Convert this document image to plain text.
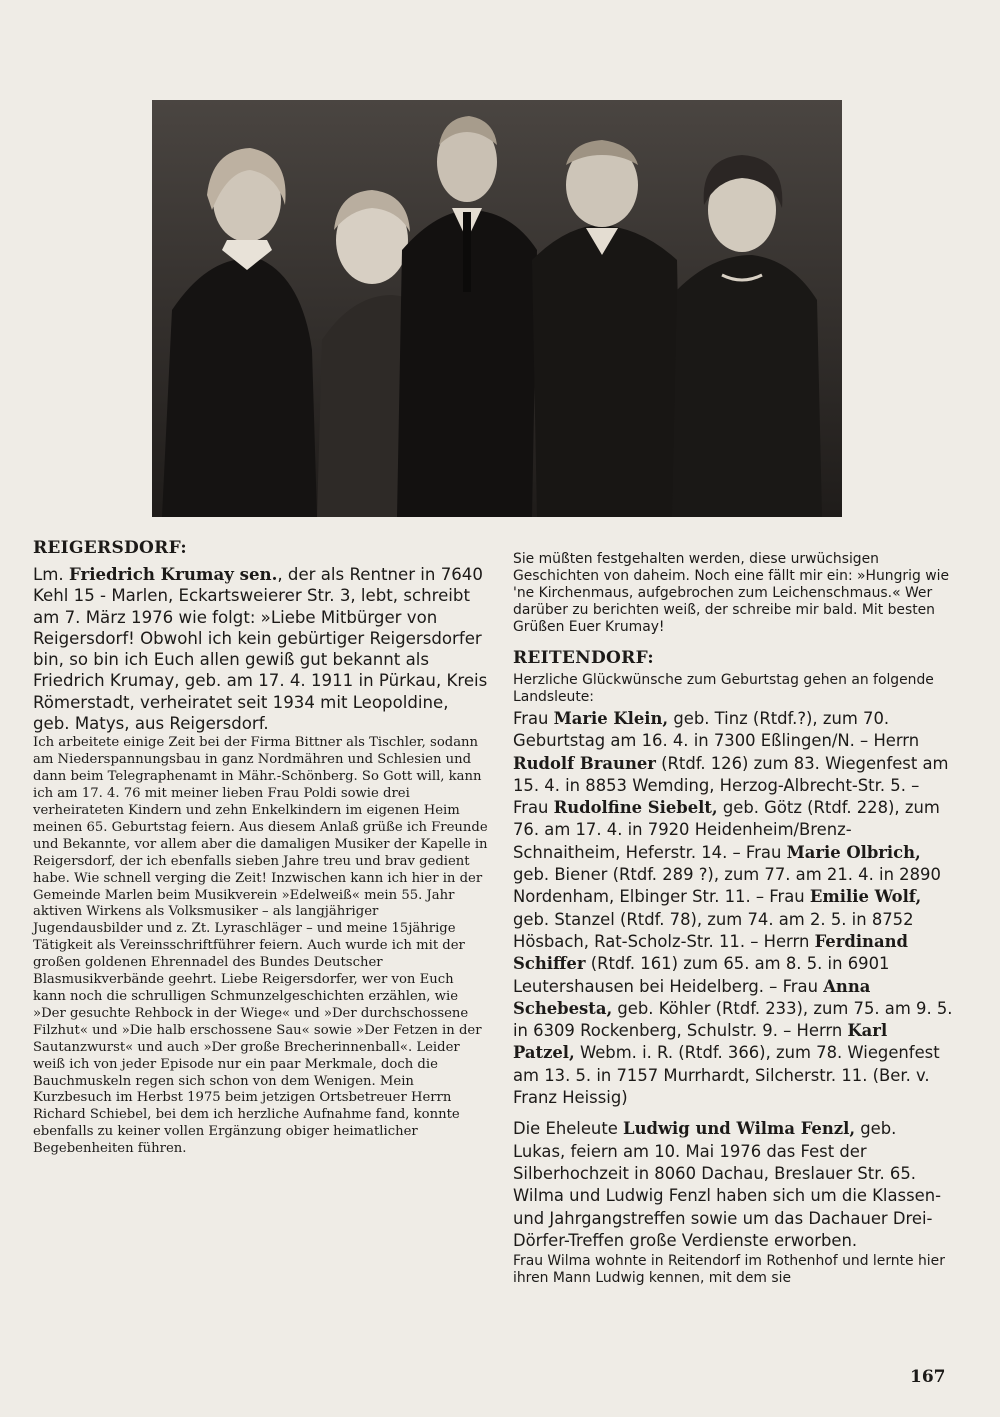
REIGERSDORF:

Lm. Friedrich Krumay sen., der als Rentner in 7640 Kehl 15 - Marlen, Eckartsweierer Str. 3, lebt, schreibt am 7. März 1976 wie folgt: »Liebe Mitbürger von Reigersdorf! Obwohl ich kein gebürtiger Reigersdorfer bin, so bin ich Euch allen gewiß gut bekannt als Friedrich Krumay, geb. am 17. 4. 1911 in Pürkau, Kreis Römerstadt, verheiratet seit 1934 mit Leopoldine, geb. Matys, aus Reigersdorf.

Ich arbeitete einige Zeit bei der Firma Bittner als Tischler, sodann am Niederspannungsbau in ganz Nordmähren und Schlesien und dann beim Telegraphenamt in Mähr.-Schönberg. So Gott will, kann ich am 17. 4. 76 mit meiner lieben Frau Poldi sowie drei verheirateten Kindern und zehn Enkelkindern im eigenen Heim meinen 65. Geburtstag feiern. Aus diesem Anlaß grüße ich Freunde und Bekannte, vor allem aber die damaligen Musiker der Kapelle in Reigersdorf, der ich ebenfalls sieben Jahre treu und brav gedient habe. Wie schnell verging die Zeit! Inzwischen kann ich hier in der Gemeinde Marlen beim Musikverein »Edelweiß« mein 55. Jahr aktiven Wirkens als Volksmusiker – als langjähriger Jugendausbilder und z. Zt. Lyraschläger – und meine 15jährige Tätigkeit als Vereinsschriftführer feiern. Auch wurde ich mit der großen goldenen Ehrennadel des Bundes Deutscher Blasmusikverbände geehrt. Liebe Reigersdorfer, wer von Euch kann noch die schrulligen Schmunzelgeschichten erzählen, wie »Der gesuchte Rehbock in der Wiege« und »Der durchschossene Filzhut« und »Die halb erschossene Sau« sowie »Der Fetzen in der Sautanzwurst« und auch »Der große Brecherinnenball«. Leider weiß ich von jeder Episode nur ein paar Merkmale, doch die Bauchmuskeln regen sich schon von dem Wenigen. Mein Kurzbesuch im Herbst 1975 beim jetzigen Ortsbetreuer Herrn Richard Schiebel, bei dem ich herzliche Aufnahme fand, konnte ebenfalls zu keiner vollen Ergänzung obiger heimatlicher Begebenheiten führen.

Sie müßten festgehalten werden, diese urwüchsigen Geschichten von daheim. Noch eine fällt mir ein: »Hungrig wie 'ne Kirchenmaus, aufgebrochen zum Leichenschmaus.« Wer darüber zu berichten weiß, der schreibe mir bald. Mit besten Grüßen Euer Krumay!

REITENDORF:

Herzliche Glückwünsche zum Geburtstag gehen an folgende Landsleute:

Frau Marie Klein, geb. Tinz (Rtdf.?), zum 70. Geburtstag am 16. 4. in 7300 Eßlingen/N. – Herrn Rudolf Brauner (Rtdf. 126) zum 83. Wiegenfest am 15. 4. in 8853 Wemding, Herzog-Albrecht-Str. 5. – Frau Rudolfine Siebelt, geb. Götz (Rtdf. 228), zum 76. am 17. 4. in 7920 Heidenheim/Brenz-Schnaitheim, Heferstr. 14. – Frau Marie Olbrich, geb. Biener (Rtdf. 289 ?), zum 77. am 21. 4. in 2890 Nordenham, Elbinger Str. 11. – Frau Emilie Wolf, geb. Stanzel (Rtdf. 78), zum 74. am 2. 5. in 8752 Hösbach, Rat-Scholz-Str. 11. – Herrn Ferdinand Schiffer (Rtdf. 161) zum 65. am 8. 5. in 6901 Leutershausen bei Heidelberg. – Frau Anna Schebesta, geb. Köhler (Rtdf. 233), zum 75. am 9. 5. in 6309 Rockenberg, Schulstr. 9. – Herrn Karl Patzel, Webm. i. R. (Rtdf. 366), zum 78. Wiegenfest am 13. 5. in 7157 Murrhardt, Silcherstr. 11. (Ber. v. Franz Heissig)

Die Eheleute Ludwig und Wilma Fenzl, geb. Lukas, feiern am 10. Mai 1976 das Fest der Silberhochzeit in 8060 Dachau, Breslauer Str. 65. Wilma und Ludwig Fenzl haben sich um die Klassen- und Jahrgangstreffen sowie um das Dachauer Drei-Dörfer-Treffen große Verdienste erworben.

Frau Wilma wohnte in Reitendorf im Rothenhof und lernte hier ihren Mann Ludwig kennen, mit dem sie

167
